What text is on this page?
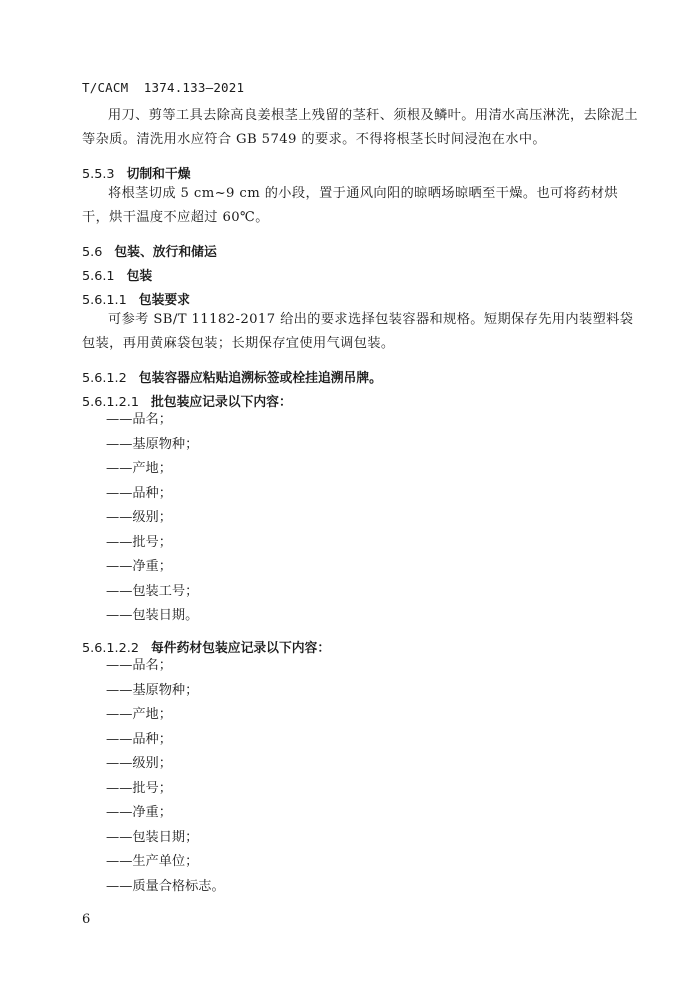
T/CACM  1374.133—2021
用刀、剪等工具去除高良姜根茎上残留的茎秆、须根及鳞叶。用清水高压淋洗，去除泥土等杂质。清洗用水应符合 GB 5749 的要求。不得将根茎长时间浸泡在水中。
5.5.3 切制和干燥
将根茎切成 5 cm~9 cm 的小段，置于通风向阳的晾晒场晾晒至干燥。也可将药材烘干，烘干温度不应超过 60℃。
5.6 包装、放行和储运
5.6.1 包装
5.6.1.1 包装要求
可参考 SB/T 11182-2017 给出的要求选择包装容器和规格。短期保存先用内装塑料袋包装，再用黄麻袋包装；长期保存宜使用气调包装。
5.6.1.2 包装容器应粘贴追溯标签或栓挂追溯吊牌。
5.6.1.2.1 批包装应记录以下内容：
——品名；
——基原物种；
——产地；
——品种；
——级别；
——批号；
——净重；
——包装工号；
——包装日期。
5.6.1.2.2 每件药材包装应记录以下内容：
——品名；
——基原物种；
——产地；
——品种；
——级别；
——批号；
——净重；
——包装日期；
——生产单位；
——质量合格标志。
6
